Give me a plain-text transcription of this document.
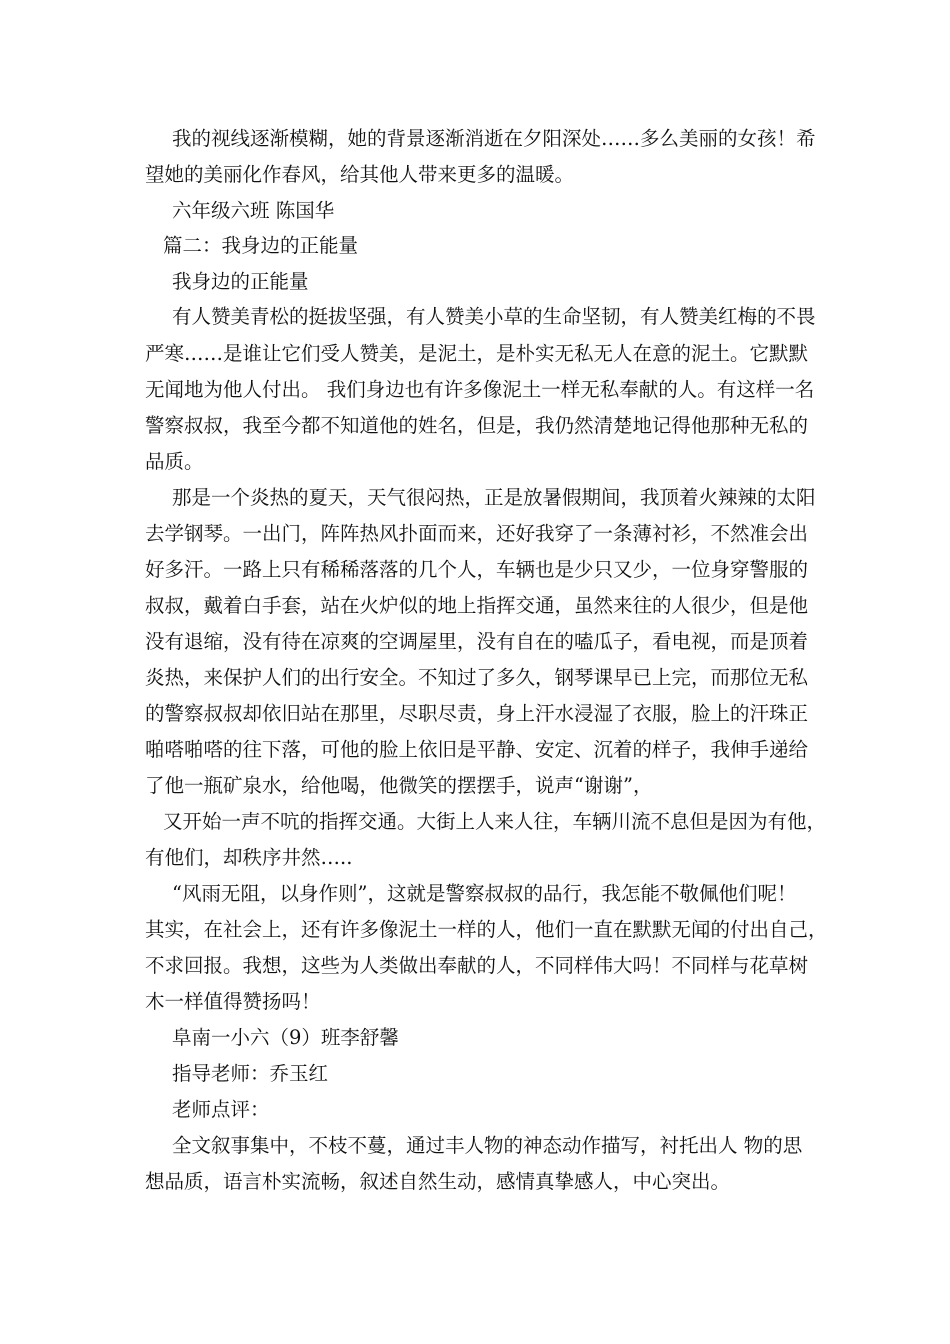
我的视线逐渐模糊，她的背景逐渐消逝在夕阳深处……多么美丽的女孩！希
望她的美丽化作春风，给其他人带来更多的温暖。
六年级六班 陈国华
篇二：我身边的正能量
我身边的正能量
有人赞美青松的挺拔坚强，有人赞美小草的生命坚韧，有人赞美红梅的不畏
严寒……是谁让它们受人赞美，是泥土，是朴实无私无人在意的泥土。它默默
无闻地为他人付出。 我们身边也有许多像泥土一样无私奉献的人。有这样一名
警察叔叔，我至今都不知道他的姓名，但是，我仍然清楚地记得他那种无私的
品质。
那是一个炎热的夏天，天气很闷热，正是放暑假期间，我顶着火辣辣的太阳
去学钢琴。一出门，阵阵热风扑面而来，还好我穿了一条薄衬衫，不然准会出
好多汗。一路上只有稀稀落落的几个人，车辆也是少只又少，一位身穿警服的
叔叔，戴着白手套，站在火炉似的地上指挥交通，虽然来往的人很少，但是他
没有退缩，没有待在凉爽的空调屋里，没有自在的嗑瓜子，看电视，而是顶着
炎热，来保护人们的出行安全。不知过了多久，钢琴课早已上完，而那位无私
的警察叔叔却依旧站在那里，尽职尽责，身上汗水浸湿了衣服，脸上的汗珠正
啪嗒啪嗒的往下落，可他的脸上依旧是平静、安定、沉着的样子，我伸手递给
了他一瓶矿泉水，给他喝，他微笑的摆摆手，说声“谢谢”，
又开始一声不吭的指挥交通。大街上人来人往，车辆川流不息但是因为有他，
有他们，却秩序井然…..
“风雨无阻，以身作则”，这就是警察叔叔的品行，我怎能不敬佩他们呢！
其实，在社会上，还有许多像泥土一样的人，他们一直在默默无闻的付出自己，
不求回报。我想，这些为人类做出奉献的人，不同样伟大吗！不同样与花草树
木一样值得赞扬吗！
阜南一小六（9）班李舒馨
指导老师：乔玉红
老师点评：
全文叙事集中，不枝不蔓，通过丰人物的神态动作描写，衬托出人 物的思
想品质，语言朴实流畅，叙述自然生动，感情真挚感人，中心突出。
